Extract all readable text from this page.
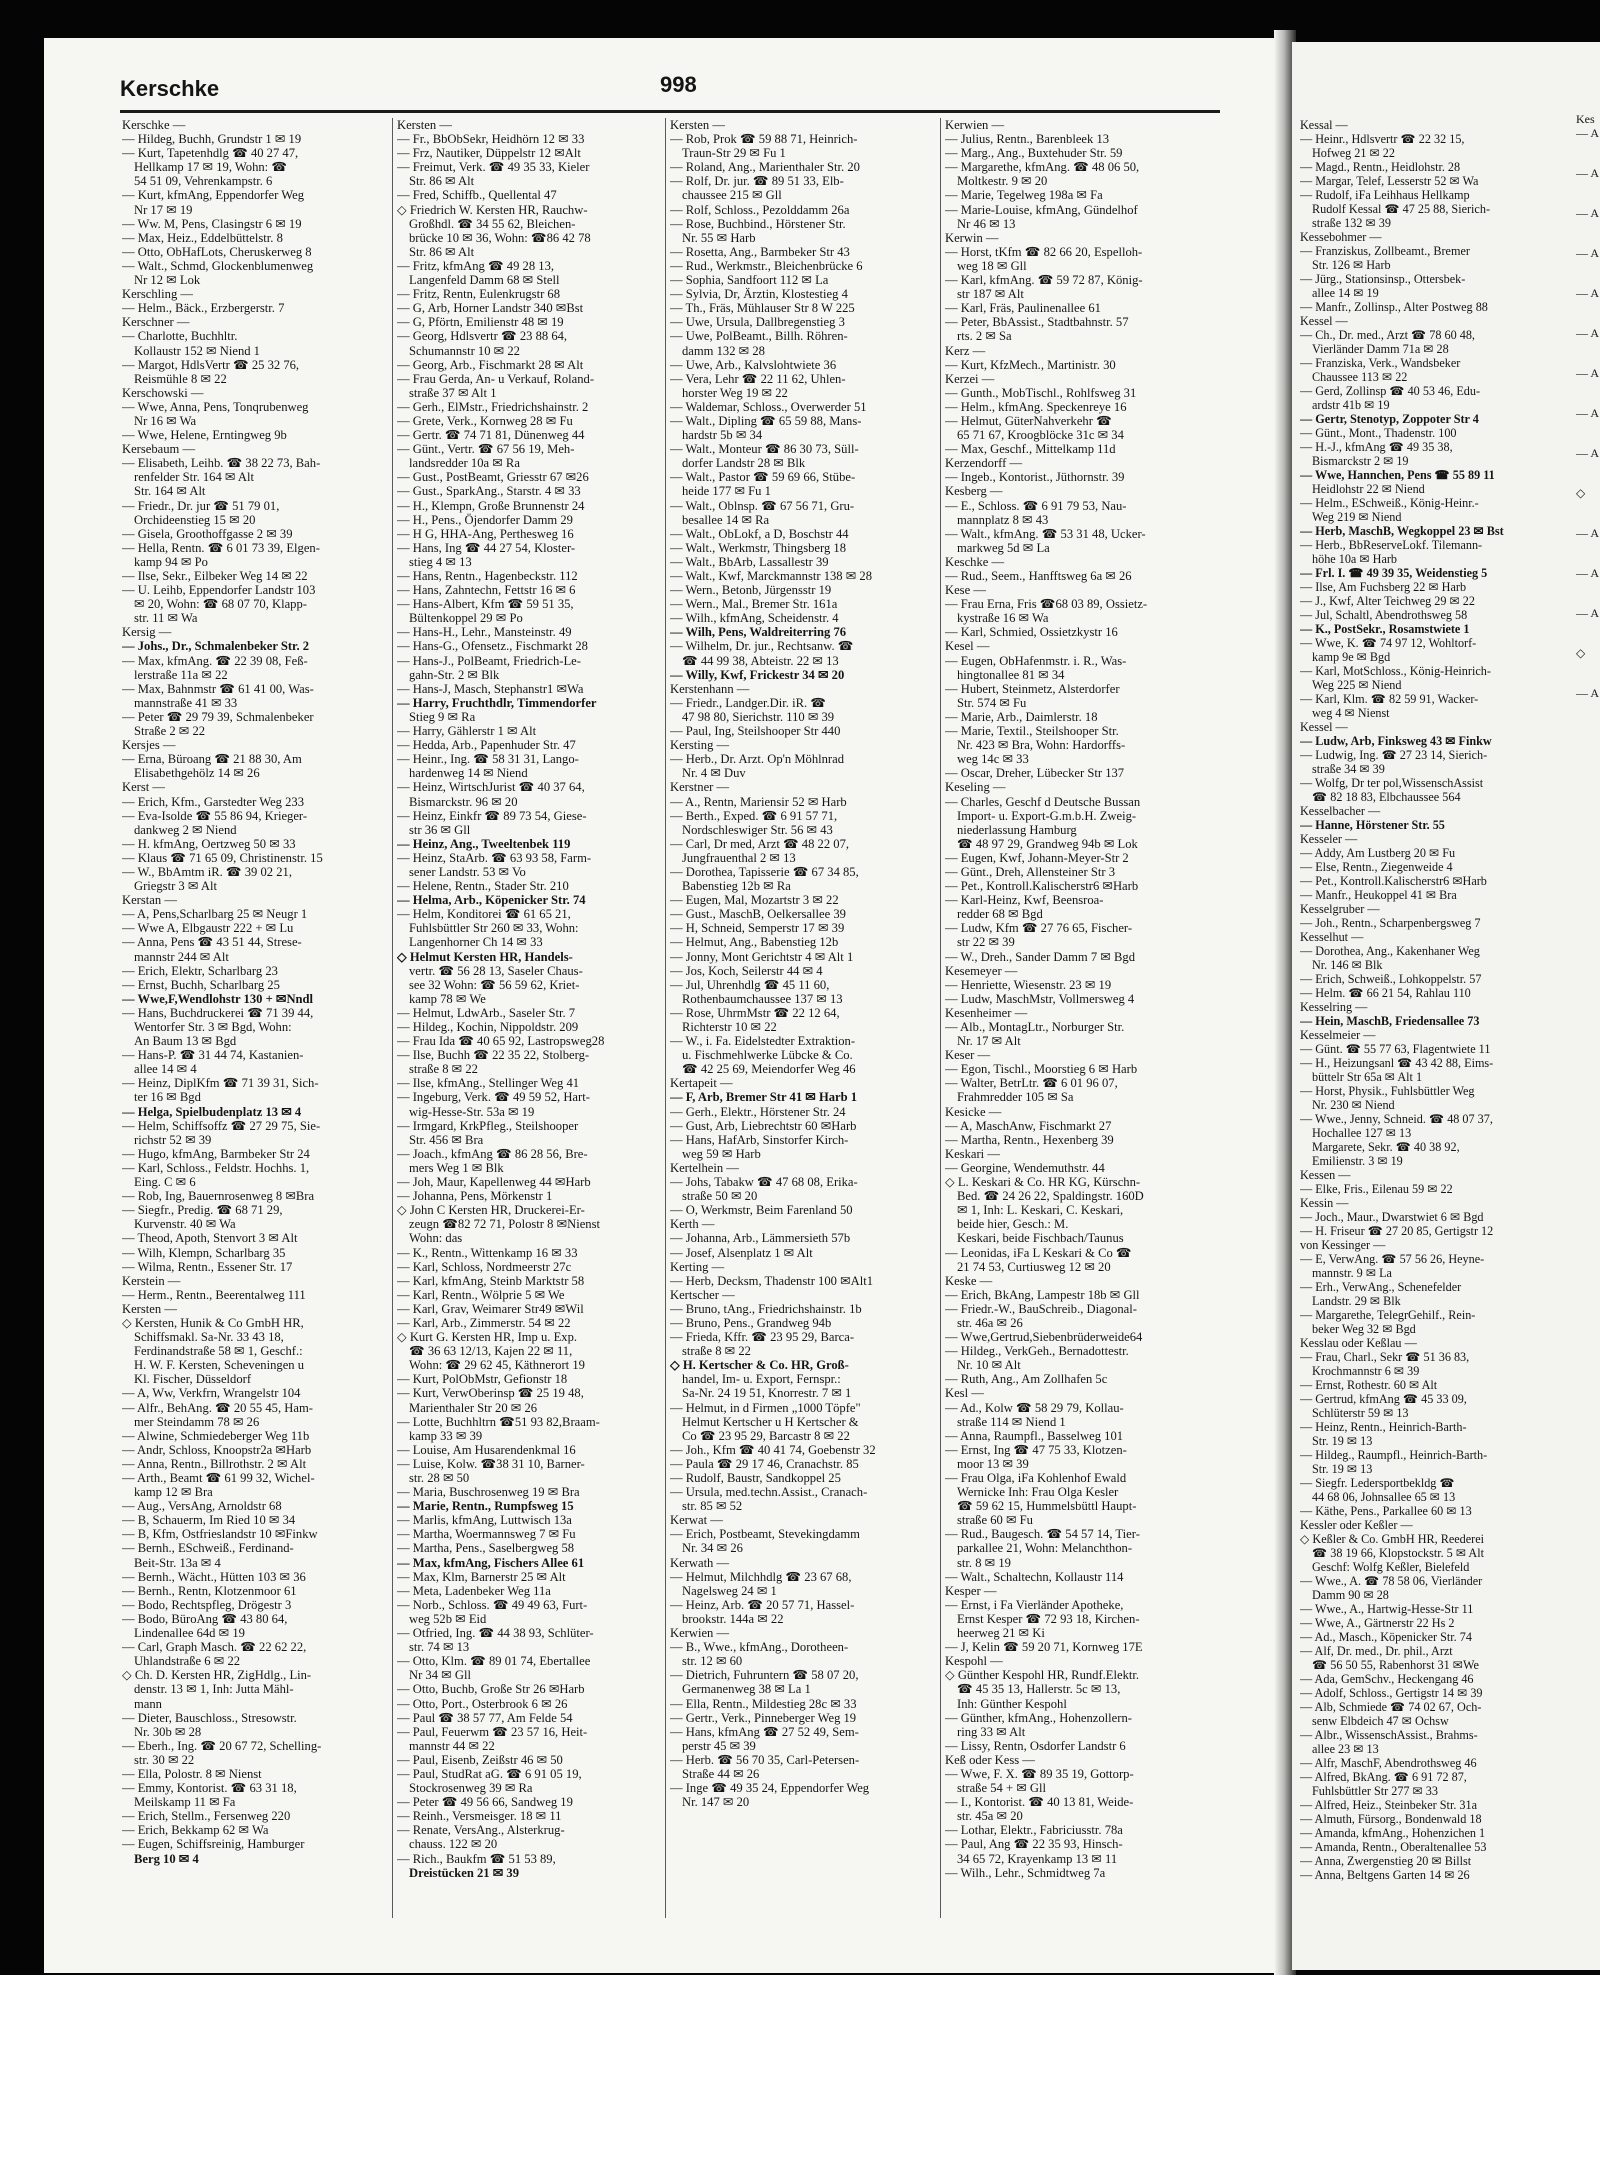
Kerschke	998
Kerschke —
— Hildeg, Buchh, Grundstr 1 ✉ 19
— Kurt, Tapetenhdlg ☎ 40 27 47,
Hellkamp 17 ✉ 19, Wohn: ☎
54 51 09, Vehrenkampstr. 6
— Kurt, kfmAng, Eppendorfer Weg
Nr 17 ✉ 19
— Ww. M, Pens, Clasingstr 6 ✉ 19
— Max, Heiz., Eddelbüttelstr. 8
— Otto, ObHafLots, Cheruskerweg 8
— Walt., Schmd, Glockenblumenweg
Nr 12 ✉ Lok
Kerschling —
— Helm., Bäck., Erzbergerstr. 7
Kerschner —
— Charlotte, Buchhltr.
Kollaustr 152 ✉ Niend 1
— Margot, HdlsVertr ☎ 25 32 76,
Reismühle 8 ✉ 22
Kerschowski —
— Wwe, Anna, Pens, Tonqrubenweg
Nr 16 ✉ Wa
— Wwe, Helene, Erntingweg 9b
Kersebaum —
— Elisabeth, Leihb. ☎ 38 22 73, Bah-
renfelder Str. 164 ✉ Alt
Str. 164 ✉ Alt
— Friedr., Dr. jur ☎ 51 79 01,
Orchideenstieg 15 ✉ 20
— Gisela, Groothoffgasse 2 ✉ 39
— Hella, Rentn. ☎ 6 01 73 39, Elgen-
kamp 94 ✉ Po
— Ilse, Sekr., Eilbeker Weg 14 ✉ 22
— U. Leihb, Eppendorfer Landstr 103
✉ 20, Wohn: ☎ 68 07 70, Klapp-
str. 11 ✉ Wa
Kersig —
— Johs., Dr., Schmalenbeker Str. 2
— Max, kfmAng. ☎ 22 39 08, Feß-
lerstraße 11a ✉ 22
— Max, Bahnmstr ☎ 61 41 00, Was-
mannstraße 41 ✉ 33
— Peter ☎ 29 79 39, Schmalenbeker
Straße 2 ✉ 22
Kersjes —
— Erna, Büroang ☎ 21 88 30, Am
Elisabethgehölz 14 ✉ 26
Kerst —
— Erich, Kfm., Garstedter Weg 233
— Eva-Isolde ☎ 55 86 94, Krieger-
dankweg 2 ✉ Niend
— H. kfmAng, Oertzweg 50 ✉ 33
— Klaus ☎ 71 65 09, Christinenstr. 15
— W., BbAmtm iR. ☎ 39 02 21,
Griegstr 3 ✉ Alt
Kerstan —
— A, Pens,Scharlbarg 25 ✉ Neugr 1
— Wwe A, Elbgaustr 222 + ✉ Lu
— Anna, Pens ☎ 43 51 44, Strese-
mannstr 244 ✉ Alt
— Erich, Elektr, Scharlbarg 23
— Ernst, Buchh, Scharlbarg 25
— Wwe,F,Wendlohstr 130 + ✉Nndl
— Hans, Buchdruckerei ☎ 71 39 44,
Wentorfer Str. 3 ✉ Bgd, Wohn:
An Baum 13 ✉ Bgd
— Hans-P. ☎ 31 44 74, Kastanien-
allee 14 ✉ 4
— Heinz, DiplKfm ☎ 71 39 31, Sich-
ter 16 ✉ Bgd
— Helga, Spielbudenplatz 13 ✉ 4
— Helm, Schiffsoffz ☎ 27 29 75, Sie-
richstr 52 ✉ 39
— Hugo, kfmAng, Barmbeker Str 24
— Karl, Schloss., Feldstr. Hochhs. 1,
Eing. C ✉ 6
— Rob, Ing, Bauernrosenweg 8 ✉Bra
— Siegfr., Predig. ☎ 68 71 29,
Kurvenstr. 40 ✉ Wa
— Theod, Apoth, Stenvort 3 ✉ Alt
— Wilh, Klempn, Scharlbarg 35
— Wilma, Rentn., Essener Str. 17
Kerstein —
— Herm., Rentn., Beerentalweg 111
Kersten —
◇ Kersten, Hunik & Co GmbH HR,
Schiffsmakl. Sa-Nr. 33 43 18,
Ferdinandstraße 58 ✉ 1, Geschf.:
H. W. F. Kersten, Scheveningen u
Kl. Fischer, Düsseldorf
— A, Ww, Verkfrn, Wrangelstr 104
— Alfr., BehAng. ☎ 20 55 45, Ham-
mer Steindamm 78 ✉ 26
— Alwine, Schmiedeberger Weg 11b
— Andr, Schloss, Knoopstr2a ✉Harb
— Anna, Rentn., Billrothstr. 2 ✉ Alt
— Arth., Beamt ☎ 61 99 32, Wichel-
kamp 12 ✉ Bra
— Aug., VersAng, Arnoldstr 68
— B, Schauerm, Im Ried 10 ✉ 34
— B, Kfm, Ostfrieslandstr 10 ✉Finkw
— Bernh., ESchweiß., Ferdinand-
Beit-Str. 13a ✉ 4
— Bernh., Wächt., Hütten 103 ✉ 36
— Bernh., Rentn, Klotzenmoor 61
— Bodo, Rechtspfleg, Drögestr 3
— Bodo, BüroAng ☎ 43 80 64,
Lindenallee 64d ✉ 19
— Carl, Graph Masch. ☎ 22 62 22,
Uhlandstraße 6 ✉ 22
◇ Ch. D. Kersten HR, ZigHdlg., Lin-
denstr. 13 ✉ 1, Inh: Jutta Mähl-
mann
— Dieter, Bauschloss., Stresowstr.
Nr. 30b ✉ 28
— Eberh., Ing. ☎ 20 67 72, Schelling-
str. 30 ✉ 22
— Ella, Polostr. 8 ✉ Nienst
— Emmy, Kontorist. ☎ 63 31 18,
Meilskamp 11 ✉ Fa
— Erich, Stellm., Fersenweg 220
— Erich, Bekkamp 62 ✉ Wa
— Eugen, Schiffsreinig, Hamburger
Berg 10 ✉ 4
Kersten —
— Fr., BbObSekr, Heidhörn 12 ✉ 33
— Frz, Nautiker, Düppelstr 12 ✉Alt
— Freimut, Verk. ☎ 49 35 33, Kieler
Str. 86 ✉ Alt
— Fred, Schiffb., Quellental 47
◇ Friedrich W. Kersten HR, Rauchw-
Großhdl. ☎ 34 55 62, Bleichen-
brücke 10 ✉ 36, Wohn: ☎86 42 78
Str. 86 ✉ Alt
— Fritz, kfmAng ☎ 49 28 13,
Langenfeld Damm 68 ✉ Stell
— Fritz, Rentn, Eulenkrugstr 68
— G, Arb, Horner Landstr 340 ✉Bst
— G, Pförtn, Emilienstr 48 ✉ 19
— Georg, Hdlsvertr ☎ 23 88 64,
Schumannstr 10 ✉ 22
— Georg, Arb., Fischmarkt 28 ✉ Alt
— Frau Gerda, An- u Verkauf, Roland-
straße 37 ✉ Alt 1
— Gerh., ElMstr., Friedrichshainstr. 2
— Grete, Verk., Kornweg 28 ✉ Fu
— Gertr. ☎ 74 71 81, Dünenweg 44
— Günt., Vertr. ☎ 67 56 19, Meh-
landsredder 10a ✉ Ra
— Gust., PostBeamt, Griesstr 67 ✉26
— Gust., SparkAng., Starstr. 4 ✉ 33
— H., Klempn, Große Brunnenstr 24
— H., Pens., Öjendorfer Damm 29
— H G, HHA-Ang, Perthesweg 16
— Hans, Ing ☎ 44 27 54, Kloster-
stieg 4 ✉ 13
— Hans, Rentn., Hagenbeckstr. 112
— Hans, Zahntechn, Fettstr 16 ✉ 6
— Hans-Albert, Kfm ☎ 59 51 35,
Bültenkoppel 29 ✉ Po
— Hans-H., Lehr., Mansteinstr. 49
— Hans-G., Ofensetz., Fischmarkt 28
— Hans-J., PolBeamt, Friedrich-Le-
gahn-Str. 2 ✉ Blk
— Hans-J, Masch, Stephanstr1 ✉Wa
— Harry, Fruchthdlr, Timmendorfer
Stieg 9 ✉ Ra
— Harry, Gählerstr 1 ✉ Alt
— Hedda, Arb., Papenhuder Str. 47
— Heinr., Ing. ☎ 58 31 31, Lango-
hardenweg 14 ✉ Niend
— Heinz, WirtschJurist ☎ 40 37 64,
Bismarckstr. 96 ✉ 20
— Heinz, Einkfr ☎ 89 73 54, Giese-
str 36 ✉ Gll
— Heinz, Ang., Tweeltenbek 119
— Heinz, StaArb. ☎ 63 93 58, Farm-
sener Landstr. 53 ✉ Vo
— Helene, Rentn., Stader Str. 210
— Helma, Arb., Köpenicker Str. 74
— Helm, Konditorei ☎ 61 65 21,
Fuhlsbüttler Str 260 ✉ 33, Wohn:
Langenhorner Ch 14 ✉ 33
◇ Helmut Kersten HR, Handels-
vertr. ☎ 56 28 13, Saseler Chaus-
see 32 Wohn: ☎ 56 59 62, Kriet-
kamp 78 ✉ We
— Helmut, LdwArb., Saseler Str. 7
— Hildeg., Kochin, Nippoldstr. 209
— Frau Ida ☎ 40 65 92, Lastropsweg28
— Ilse, Buchh ☎ 22 35 22, Stolberg-
straße 8 ✉ 22
— Ilse, kfmAng., Stellinger Weg 41
— Ingeburg, Verk. ☎ 49 59 52, Hart-
wig-Hesse-Str. 53a ✉ 19
— Irmgard, KrkPfleg., Steilshooper
Str. 456 ✉ Bra
— Joach., kfmAng ☎ 86 28 56, Bre-
mers Weg 1 ✉ Blk
— Joh, Maur, Kapellenweg 44 ✉Harb
— Johanna, Pens, Mörkenstr 1
◇ John C Kersten HR, Druckerei-Er-
zeugn ☎82 72 71, Polostr 8 ✉Nienst
Wohn: das
— K., Rentn., Wittenkamp 16 ✉ 33
— Karl, Schloss, Nordmeerstr 27c
— Karl, kfmAng, Steinb Marktstr 58
— Karl, Rentn., Wölprie 5 ✉ We
— Karl, Grav, Weimarer Str49 ✉Wil
— Karl, Arb., Zimmerstr. 54 ✉ 22
◇ Kurt G. Kersten HR, Imp u. Exp.
☎ 36 63 12/13, Kajen 22 ✉ 11,
Wohn: ☎ 29 62 45, Käthnerort 19
— Kurt, PolObMstr, Gefionstr 18
— Kurt, VerwOberinsp ☎ 25 19 48,
Marienthaler Str 20 ✉ 26
— Lotte, Buchhltrn ☎51 93 82,Braam-
kamp 33 ✉ 39
— Louise, Am Husarendenkmal 16
— Luise, Kolw. ☎38 31 10, Barner-
str. 28 ✉ 50
— Maria, Buschrosenweg 19 ✉ Bra
— Marie, Rentn., Rumpfsweg 15
— Marlis, kfmAng, Luttwisch 13a
— Martha, Woermannsweg 7 ✉ Fu
— Martha, Pens., Saselbergweg 58
— Max, kfmAng, Fischers Allee 61
— Max, Klm, Barnerstr 25 ✉ Alt
— Meta, Ladenbeker Weg 11a
— Norb., Schloss. ☎ 49 49 63, Furt-
weg 52b ✉ Eid
— Otfried, Ing. ☎ 44 38 93, Schlüter-
str. 74 ✉ 13
— Otto, Klm. ☎ 89 01 74, Ebertallee
Nr 34 ✉ Gll
— Otto, Buchb, Große Str 26 ✉Harb
— Otto, Port., Osterbrook 6 ✉ 26
— Paul ☎ 38 57 77, Am Felde 54
— Paul, Feuerwm ☎ 23 57 16, Heit-
mannstr 44 ✉ 22
— Paul, Eisenb, Zeißstr 46 ✉ 50
— Paul, StudRat aG. ☎ 6 91 05 19,
Stockrosenweg 39 ✉ Ra
— Peter ☎ 49 56 66, Sandweg 19
— Reinh., Versmeisger. 18 ✉ 11
— Renate, VersAng., Alsterkrug-
chauss. 122 ✉ 20
— Rich., Baukfm ☎ 51 53 89,
Dreistücken 21 ✉ 39
Kersten —
— Rob, Prok ☎ 59 88 71, Heinrich-
Traun-Str 29 ✉ Fu 1
— Roland, Ang., Marienthaler Str. 20
— Rolf, Dr. jur. ☎ 89 51 33, Elb-
chaussee 215 ✉ Gll
— Rolf, Schloss., Pezolddamm 26a
— Rose, Buchbind., Hörstener Str.
Nr. 55 ✉ Harb
— Rosetta, Ang., Barmbeker Str 43
— Rud., Werkmstr., Bleichenbrücke 6
— Sophia, Sandfoort 112 ✉ La
— Sylvia, Dr, Ärztin, Klostestieg 4
— Th., Fräs, Mühlauser Str 8 W 225
— Uwe, Ursula, Dallbregenstieg 3
— Uwe, PolBeamt., Billh. Röhren-
damm 132 ✉ 28
— Uwe, Arb., Kalvslohtwiete 36
— Vera, Lehr ☎ 22 11 62, Uhlen-
horster Weg 19 ✉ 22
— Waldemar, Schloss., Overwerder 51
— Walt., Dipling ☎ 65 59 88, Mans-
hardstr 5b ✉ 34
— Walt., Monteur ☎ 86 30 73, Süll-
dorfer Landstr 28 ✉ Blk
— Walt., Pastor ☎ 59 69 66, Stübe-
heide 177 ✉ Fu 1
— Walt., Oblnsp. ☎ 67 56 71, Gru-
besallee 14 ✉ Ra
— Walt., ObLokf, a D, Boschstr 44
— Walt., Werkmstr, Thingsberg 18
— Walt., BbArb, Lassallestr 39
— Walt., Kwf, Marckmannstr 138 ✉ 28
— Wern., Betonb, Jürgensstr 19
— Wern., Mal., Bremer Str. 161a
— Wilh., kfmAng, Scheidenstr. 4
— Wilh, Pens, Waldreiterring 76
— Wilhelm, Dr. jur., Rechtsanw. ☎
☎ 44 99 38, Abteistr. 22 ✉ 13
— Willy, Kwf, Frickestr 34 ✉ 20
Kerstenhann —
— Friedr., Landger.Dir. iR. ☎
47 98 80, Sierichstr. 110 ✉ 39
— Paul, Ing, Steilshooper Str 440
Kersting —
— Herb., Dr. Arzt. Op'n Möhlnrad
Nr. 4 ✉ Duv
Kerstner —
— A., Rentn, Mariensir 52 ✉ Harb
— Berth., Exped. ☎ 6 91 57 71,
Nordschleswiger Str. 56 ✉ 43
— Carl, Dr med, Arzt ☎ 48 22 07,
Jungfrauenthal 2 ✉ 13
— Dorothea, Tapisserie ☎ 67 34 85,
Babenstieg 12b ✉ Ra
— Eugen, Mal, Mozartstr 3 ✉ 22
— Gust., MaschB, Oelkersallee 39
— H, Schneid, Semperstr 17 ✉ 39
— Helmut, Ang., Babenstieg 12b
— Jonny, Mont Gerichtstr 4 ✉ Alt 1
— Jos, Koch, Seilerstr 44 ✉ 4
— Jul, Uhrenhdlg ☎ 45 11 60,
Rothenbaumchaussee 137 ✉ 13
— Rose, UhrmMstr ☎ 22 12 64,
Richterstr 10 ✉ 22
— W., i. Fa. Eidelstedter Extraktion-
u. Fischmehlwerke Lübcke & Co.
☎ 42 25 69, Meiendorfer Weg 46
Kertapeit —
— F, Arb, Bremer Str 41 ✉ Harb 1
— Gerh., Elektr., Hörstener Str. 24
— Gust, Arb, Liebrechtstr 60 ✉Harb
— Hans, HafArb, Sinstorfer Kirch-
weg 59 ✉ Harb
Kertelhein —
— Johs, Tabakw ☎ 47 68 08, Erika-
straße 50 ✉ 20
— O, Werkmstr, Beim Farenland 50
Kerth —
— Johanna, Arb., Lämmersieth 57b
— Josef, Alsenplatz 1 ✉ Alt
Kerting —
— Herb, Decksm, Thadenstr 100 ✉Alt1
Kertscher —
— Bruno, tAng., Friedrichshainstr. 1b
— Bruno, Pens., Grandweg 94b
— Frieda, Kffr. ☎ 23 95 29, Barca-
straße 8 ✉ 22
◇ H. Kertscher & Co. HR, Groß-
handel, Im- u. Export, Fernspr.:
Sa-Nr. 24 19 51, Knorrestr. 7 ✉ 1
— Helmut, in d Firmen „1000 Töpfe"
Helmut Kertscher u H Kertscher &
Co ☎ 23 95 29, Barcastr 8 ✉ 22
— Joh., Kfm ☎ 40 41 74, Goebenstr 32
— Paula ☎ 29 17 46, Cranachstr. 85
— Rudolf, Baustr, Sandkoppel 25
— Ursula, med.techn.Assist., Cranach-
str. 85 ✉ 52
Kerwat —
— Erich, Postbeamt, Stevekingdamm
Nr. 34 ✉ 26
Kerwath —
— Helmut, Milchhdlg ☎ 23 67 68,
Nagelsweg 24 ✉ 1
— Heinz, Arb. ☎ 20 57 71, Hassel-
brookstr. 144a ✉ 22
Kerwien —
— B., Wwe., kfmAng., Dorotheen-
str. 12 ✉ 60
— Dietrich, Fuhruntern ☎ 58 07 20,
Germanenweg 38 ✉ La 1
— Ella, Rentn., Mildestieg 28c ✉ 33
— Gertr., Verk., Pinneberger Weg 19
— Hans, kfmAng ☎ 27 52 49, Sem-
perstr 45 ✉ 39
— Herb. ☎ 56 70 35, Carl-Petersen-
Straße 44 ✉ 26
— Inge ☎ 49 35 24, Eppendorfer Weg
Nr. 147 ✉ 20
Kerwien —
— Julius, Rentn., Barenbleek 13
— Marg., Ang., Buxtehuder Str. 59
— Margarethe, kfmAng. ☎ 48 06 50,
Moltkestr. 9 ✉ 20
— Marie, Tegelweg 198a ✉ Fa
— Marie-Louise, kfmAng, Gündelhof
Nr 46 ✉ 13
Kerwin —
— Horst, tKfm ☎ 82 66 20, Espelloh-
weg 18 ✉ Gll
— Karl, kfmAng. ☎ 59 72 87, König-
str 187 ✉ Alt
— Karl, Fräs, Paulinenallee 61
— Peter, BbAssist., Stadtbahnstr. 57
rts. 2 ✉ Sa
Kerz —
— Kurt, KfzMech., Martinistr. 30
Kerzei —
— Gunth., MobTischl., Rohlfsweg 31
— Helm., kfmAng. Speckenreye 16
— Helmut, GüterNahverkehr ☎
65 71 67, Kroogblöcke 31c ✉ 34
— Max, Geschf., Mittelkamp 11d
Kerzendorff —
— Ingeb., Kontorist., Jüthornstr. 39
Kesberg —
— E., Schloss. ☎ 6 91 79 53, Nau-
mannplatz 8 ✉ 43
— Walt., kfmAng. ☎ 53 31 48, Ucker-
markweg 5d ✉ La
Keschke —
— Rud., Seem., Hanfftsweg 6a ✉ 26
Kese —
— Frau Erna, Fris ☎68 03 89, Ossietz-
kystraße 16 ✉ Wa
— Karl, Schmied, Ossietzkystr 16
Kesel —
— Eugen, ObHafenmstr. i. R., Was-
hingtonallee 81 ✉ 34
— Hubert, Steinmetz, Alsterdorfer
Str. 574 ✉ Fu
— Marie, Arb., Daimlerstr. 18
— Marie, Textil., Steilshooper Str.
Nr. 423 ✉ Bra, Wohn: Hardorffs-
weg 14c ✉ 33
— Oscar, Dreher, Lübecker Str 137
Keseling —
— Charles, Geschf d Deutsche Bussan
Import- u. Export-G.m.b.H. Zweig-
niederlassung Hamburg
☎ 48 97 29, Grandweg 94b ✉ Lok
— Eugen, Kwf, Johann-Meyer-Str 2
— Günt., Dreh, Allensteiner Str 3
— Pet., Kontroll.Kalischerstr6 ✉Harb
— Karl-Heinz, Kwf, Beensroa-
redder 68 ✉ Bgd
— Ludw, Kfm ☎ 27 76 65, Fischer-
str 22 ✉ 39
— W., Dreh., Sander Damm 7 ✉ Bgd
Kesemeyer —
— Henriette, Wiesenstr. 23 ✉ 19
— Ludw, MaschMstr, Vollmersweg 4
Kesenheimer —
— Alb., MontagLtr., Norburger Str.
Nr. 17 ✉ Alt
Keser —
— Egon, Tischl., Moorstieg 6 ✉ Harb
— Walter, BetrLtr. ☎ 6 01 96 07,
Frahmredder 105 ✉ Sa
Kesicke —
— A, MaschAnw, Fischmarkt 27
— Martha, Rentn., Hexenberg 39
Keskari —
— Georgine, Wendemuthstr. 44
◇ L. Keskari & Co. HR KG, Kürschn-
Bed. ☎ 24 26 22, Spaldingstr. 160D
✉ 1, Inh: L. Keskari, C. Keskari,
beide hier, Gesch.: M.
Keskari, beide Fischbach/Taunus
— Leonidas, iFa L Keskari & Co ☎
21 74 53, Curtiusweg 12 ✉ 20
Keske —
— Erich, BkAng, Lampestr 18b ✉ Gll
— Friedr.-W., BauSchreib., Diagonal-
str. 46a ✉ 26
— Wwe,Gertrud,Siebenbrüderweide64
— Hildeg., VerkGeh., Bernadottestr.
Nr. 10 ✉ Alt
— Ruth, Ang., Am Zollhafen 5c
Kesl —
— Ad., Kolw ☎ 58 29 79, Kollau-
straße 114 ✉ Niend 1
— Anna, Raumpfl., Basselweg 101
— Ernst, Ing ☎ 47 75 33, Klotzen-
moor 13 ✉ 39
— Frau Olga, iFa Kohlenhof Ewald
Wernicke Inh: Frau Olga Kesler
☎ 59 62 15, Hummelsbüttl Haupt-
straße 60 ✉ Fu
— Rud., Baugesch. ☎ 54 57 14, Tier-
parkallee 21, Wohn: Melanchthon-
str. 8 ✉ 19
— Walt., Schaltechn, Kollaustr 114
Kesper —
— Ernst, i Fa Vierländer Apotheke,
Ernst Kesper ☎ 72 93 18, Kirchen-
heerweg 21 ✉ Ki
— J, Kelin ☎ 59 20 71, Kornweg 17E
Kespohl —
◇ Günther Kespohl HR, Rundf.Elektr.
☎ 45 35 13, Hallerstr. 5c ✉ 13,
Inh: Günther Kespohl
— Günther, kfmAng., Hohenzollern-
ring 33 ✉ Alt
— Lissy, Rentn, Osdorfer Landstr 6
Keß oder Kess —
— Wwe, F. X. ☎ 89 35 19, Gottorp-
straße 54 + ✉ Gll
— I., Kontorist. ☎ 40 13 81, Weide-
str. 45a ✉ 20
— Lothar, Elektr., Fabriciusstr. 78a
— Paul, Ang ☎ 22 35 93, Hinsch-
34 65 72, Krayenkamp 13 ✉ 11
— Wilh., Lehr., Schmidtweg 7a
Kessal —
— Heinr., Hdlsvertr ☎ 22 32 15,
Hofweg 21 ✉ 22
— Magd., Rentn., Heidlohstr. 28
— Margar, Telef, Lesserstr 52 ✉ Wa
— Rudolf, iFa Leihhaus Hellkamp
Rudolf Kessal ☎ 47 25 88, Sierich-
straße 132 ✉ 39
Kessebohmer —
— Franziskus, Zollbeamt., Bremer
Str. 126 ✉ Harb
— Jürg., Stationsinsp., Ottersbek-
allee 14 ✉ 19
— Manfr., Zollinsp., Alter Postweg 88
Kessel —
— Ch., Dr. med., Arzt ☎ 78 60 48,
Vierländer Damm 71a ✉ 28
— Franziska, Verk., Wandsbeker
Chaussee 113 ✉ 22
— Gerd, Zollinsp ☎ 40 53 46, Edu-
ardstr 41b ✉ 19
— Gertr, Stenotyp, Zoppoter Str 4
— Günt., Mont., Thadenstr. 100
— H.-J., kfmAng ☎ 49 35 38,
Bismarckstr 2 ✉ 19
— Wwe, Hannchen, Pens ☎ 55 89 11
Heidlohstr 22 ✉ Niend
— Helm., ESchweiß., König-Heinr.-
Weg 219 ✉ Niend
— Herb, MaschB, Wegkoppel 23 ✉ Bst
— Herb., BbReserveLokf. Tilemann-
höhe 10a ✉ Harb
— Frl. I. ☎ 49 39 35, Weidenstieg 5
— Ilse, Am Fuchsberg 22 ✉ Harb
— J., Kwf, Alter Teichweg 29 ✉ 22
— Jul, Schaltl, Abendrothsweg 58
— K., PostSekr., Rosamstwiete 1
— Wwe, K. ☎ 74 97 12, Wohltorf-
kamp 9e ✉ Bgd
— Karl, MotSchloss., König-Heinrich-
Weg 225 ✉ Niend
— Karl, Klm. ☎ 82 59 91, Wacker-
weg 4 ✉ Nienst
Kessel —
— Ludw, Arb, Finksweg 43 ✉ Finkw
— Ludwig, Ing. ☎ 27 23 14, Sierich-
straße 34 ✉ 39
— Wolfg, Dr ter pol,WissenschAssist
☎ 82 18 83, Elbchaussee 564
Kesselbacher —
— Hanne, Hörstener Str. 55
Kesseler —
— Addy, Am Lustberg 20 ✉ Fu
— Else, Rentn., Ziegenweide 4
— Pet., Kontroll.Kalischerstr6 ✉Harb
— Manfr., Heukoppel 41 ✉ Bra
Kesselgruber —
— Joh., Rentn., Scharpenbergsweg 7
Kesselhut —
— Dorothea, Ang., Kakenhaner Weg
Nr. 146 ✉ Blk
— Erich, Schweiß., Lohkoppelstr. 57
— Helm. ☎ 66 21 54, Rahlau 110
Kesselring —
— Hein, MaschB, Friedensallee 73
Kesselmeier —
— Günt. ☎ 55 77 63, Flagentwiete 11
— H., Heizungsanl ☎ 43 42 88, Eims-
büttelr Str 65a ✉ Alt 1
— Horst, Physik., Fuhlsbüttler Weg
Nr. 230 ✉ Niend
— Wwe., Jenny, Schneid. ☎ 48 07 37,
Hochallee 127 ✉ 13
Margarete, Sekr. ☎ 40 38 92,
Emilienstr. 3 ✉ 19
Kessen —
— Elke, Fris., Eilenau 59 ✉ 22
Kessin —
— Joch., Maur., Dwarstwiet 6 ✉ Bgd
— H. Friseur ☎ 27 20 85, Gertigstr 12
von Kessinger —
— E, VerwAng. ☎ 57 56 26, Heyne-
mannstr. 9 ✉ La
— Erh., VerwAng., Schenefelder
Landstr. 29 ✉ Blk
— Margarethe, TelegrGehilf., Rein-
beker Weg 32 ✉ Bgd
Kesslau oder Keßlau —
— Frau, Charl., Sekr ☎ 51 36 83,
Krochmannstr 6 ✉ 39
— Ernst, Rothestr. 60 ✉ Alt
— Gertrud, kfmAng ☎ 45 33 09,
Schlüterstr 59 ✉ 13
— Heinz, Rentn., Heinrich-Barth-
Str. 19 ✉ 13
— Hildeg., Raumpfl., Heinrich-Barth-
Str. 19 ✉ 13
— Siegfr. Ledersportbekldg ☎
44 68 06, Johnsallee 65 ✉ 13
— Käthe, Pens., Parkallee 60 ✉ 13
Kessler oder Keßler —
◇ Keßler & Co. GmbH HR, Reederei
☎ 38 19 66, Klopstockstr. 5 ✉ Alt
Geschf: Wolfg Keßler, Bielefeld
— Wwe., A. ☎ 78 58 06, Vierländer
Damm 90 ✉ 28
— Wwe., A., Hartwig-Hesse-Str 11
— Wwe, A., Gärtnerstr 22 Hs 2
— Ad., Masch., Köpenicker Str. 74
— Alf, Dr. med., Dr. phil., Arzt
☎ 56 50 55, Rabenhorst 31 ✉We
— Ada, GemSchv., Heckengang 46
— Adolf, Schloss., Gertigstr 14 ✉ 39
— Alb, Schmiede ☎ 74 02 67, Och-
senw Elbdeich 47 ✉ Ochsw
— Albr., WissenschAssist., Brahms-
allee 23 ✉ 13
— Alfr, MaschF, Abendrothsweg 46
— Alfred, BkAng. ☎ 6 91 72 87,
Fuhlsbüttler Str 277 ✉ 33
— Alfred, Heiz., Steinbeker Str. 31a
— Almuth, Fürsorg., Bondenwald 18
— Amanda, kfmAng., Hohenzichen 1
— Amanda, Rentn., Oberaltenallee 53
— Anna, Zwergenstieg 20 ✉ Billst
— Anna, Beltgens Garten 14 ✉ 26
Kes
— A
— A
— A
— A
— A
— A
— A
— A
— A
◇
— A
— A
— A
◇
— A
